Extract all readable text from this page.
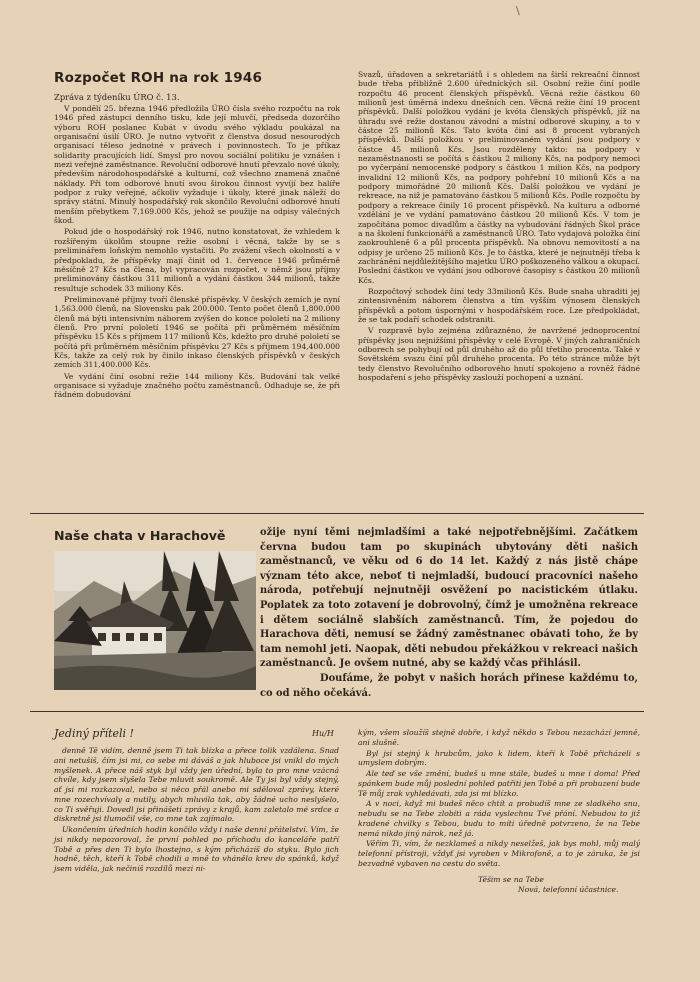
\
Rozpočet ROH na rok 1946

Zpráva z týdeníku ÚRO č. 13.

V pondělí 25. března 1946 předložila ÚRO čísla svého rozpočtu na rok 1946 před zástupci denního tisku, kde její mluvčí, předseda dozorčího výboru ROH poslanec Kubát v úvodu svého výkladu poukázal na organisační úsilí ÚRO. Je nutno vytvořit z členstva dosud nesourodých organisací těleso jednotné v právech i povinnostech. To je příkaz solidarity pracujících lidí. Smysl pro novou sociální politiku je vznášen i mezi veřejné zaměstnance. Revoluční odborové hnutí převzalo nové úkoly, především národohospodářské a kulturní, což všechno znamená značné náklady. Při tom odborové hnutí svou širokou činnost vyvíjí bez halíře podpor z ruky veřejné, ačkoliv vyžaduje i úkoly, které jinak náleží do správy státní. Minulý hospodářský rok skončilo Revoluční odborové hnutí menším přebytkem 7,169.000 Kčs, jehož se použije na odpisy válečných škod.

Pokud jde o hospodářský rok 1946, nutno konstatovat, že vzhledem k rozšířeným úkolům stoupne režie osobní i věcná, takže by se s preliminářem loňským nemohlo vystačiti. Po zvážení všech okolností a v předpokladu, že příspěvky mají činit od 1. července 1946 průměrně měsíčně 27 Kčs na člena, byl vypracován rozpočet, v němž jsou příjmy preliminovány částkou 311 milionů a vydání částkou 344 milionů, takže resultuje schodek 33 miliony Kčs.

Preliminované příjmy tvoří členské příspěvky. V českých zemích je nyní 1,563.000 členů, na Slovensku pak 200.000. Tento počet členů 1,800.000 členů má býti intensivním náborem zvýšen do konce pololetí na 2 miliony členů. Pro první pololetí 1946 se počítá při průměrném měsíčním příspěvku 15 Kčs s příjmem 117 milionů Kčs, kdežto pro druhé pololetí se počítá při průměrném měsíčním příspěvku 27 Kčs s příjmem 194,400.000 Kčs, takže za celý rok by činilo inkaso členských příspěvků v českých zemích 311,400.000 Kčs.

Ve vydání činí osobní režie 144 miliony Kčs. Budování tak velké organisace si vyžaduje značného počtu zaměstnanců. Odhaduje se, že při řádném dobudování

Svazů, úřadoven a sekretariátů i s ohledem na širší rekreační činnost bude třeba přibližně 2.600 úředníckých sil. Osobní režie činí podle rozpočtu 46 procent členských příspěvků. Věcná režie částkou 60 milionů jest úměrná indexu dnešních cen. Věcná režie činí 19 procent příspěvků. Další položkou vydání je kvóta členských příspěvků, jíž na úhradu své režie dostanou závodní a místní odborové skupiny, a to v částce 25 milionů Kčs. Tato kvóta činí asi 8 procent vybraných příspěvků. Další položkou v preliminovaném vydání jsou podpory v částce 45 milionů Kčs. Jsou rozděleny takto: na podpory v nezaměstnanosti se počítá s částkou 2 miliony Kčs, na podpory nemoci po vyčerpání nemocenské podpory s částkou 1 milion Kčs, na podpory invalidní 12 milionů Kčs, na podpory pohřební 10 milionů Kčs a na podpory mimořádné 20 milionů Kčs. Další položkou ve vydání je rekreace, na niž je pamatováno částkou 5 milionů Kčs. Podle rozpočtu by podpory a rekreace činily 16 procent příspěvků. Na kulturu a odborné vzdělání je ve vydání pamatováno částkou 20 milionů Kčs. V tom je započítána pomoc divadlům a částky na vybudování řádných Škol práce a na školení funkcionářů a zaměstnanců ÚRO. Tato vydajová položka činí zaokrouhleně 6 a půl procenta příspěvků. Na obnovu nemovitostí a na odpisy je určeno 25 milionů Kčs. Je to částka, které je nejnutněji třeba k zachránění nejdůležitějšího majetku ÚRO poškozeného válkou a okupací. Poslední částkou ve vydání jsou odborové časopisy s částkou 20 milionů Kčs.

Rozpočtový schodek činí tedy 33milionů Kčs. Bude snaha uhraditi jej zintensivněním náborem členstva a tím vyšším výnosem členských příspěvků a potom úspornými v hospodářském roce. Lze předpokládat, že se tak podaří schodek odstraniti.

V rozpravě bylo zejména zdůrazněno, že navržené jednoprocentní příspěvky jsou nejnižšími příspěvky v celé Evropě. V jiných zahraničních odborech se pohybují od půl druhého až do půl třetího procenta. Také v Sovětském svazu činí půl druhého procenta. Po této stránce může být tedy členstvo Revolučního odborového hnutí spokojeno a rovněž řádné hospodaření s jeho příspěvky zaslouží pochopení a uznání.

Naše chata v Harachově	ožije nyní těmi nejmladšími a také nejpotřebnějšími. Začátkem června budou tam po skupinách ubytovány děti našich zaměstnanců, ve věku od 6 do 14 let. Každý z nás jistě chápe význam této akce, neboť ti nejmladší, budoucí pracovníci našeho národa, potřebují nejnutněji osvěžení po nacistickém útlaku. Poplatek za toto zotavení je dobrovolný, čímž je umožněna rekreace i dětem sociálně slabších zaměstnanců. Tím, že pojedou do Harachova děti, nemusí se žádný zaměstnanec obávati toho, že by tam nemohl jeti. Naopak, děti nebudou překážkou v rekreaci našich zaměstnanců. Je ovšem nutné, aby se každý včas přihlásil.

Doufáme, že pobyt v našich horách přinese každému to, co od něho očekává.

Jediný příteli !	Hu/H

denně Tě vidím, denně jsem Ti tak blízka a přece tolik vzdálena. Snad ani netušíš, čím jsi mi, co sebe mi dáváš a jak hluboce jsi vnikl do mých myšlenek. A přece náš styk byl vždy jen úřední, byla to pro mne vzácná chvíle, kdy jsem slyšela Tebe mluvit soukromě. Ale Ty jsi byl vždy stejný, ať jsi mi rozkazoval, nebo si něco přál anebo mi sděloval zprávy, které mne rozechvívaly a nutily, abych mluvila tak, aby žádné ucho neslyšelo, co Ti svěřuji. Dovedl jsi přinášeti zprávy z krajů, kam zaletalo mé srdce a diskretně jsi tlumočil vše, co mne tak zajímalo.

Ukončením úředních hodin končilo vždy i naše denní přátelství. Vím, že jsi nikdy nepozoroval, že první pohled po příchodu do kanceláře patří Tobě a přes den Ti bylo lhostejno, s kým přicházíš do styku. Bylo jich hodně, těch, kteří k Tobě chodili a mně to vhánělo krev do spánků, když jsem viděla, jak nečiníš rozdílů mezi ni-

kým, všem sloužíš stejně dobře, i když někdo s Tebou nezachází jemně, ani slušně.

Byl jsi stejný k hrubcům, jako k lidem, kteří k Tobě přicházeli s umyslem dobrým.

Ale teď se vše změní, budeš u mne stále, budeš u mne i doma! Před spánkem bude můj poslední pohled patřiti jen Tobě a při probuzení bude Tě můj zrak vyhledávati, zda jsi mi blízko.

A v noci, když mi budeš něco chtít a probudíš mne ze sladkého snu, nebudu se na Tebe zlobiti a ráda vyslechnu Tvé přání. Nebudou to již kradené chvilky s Tebou, budu to míti úředně potvrzeno, že na Tebe nemá nikdo jiný nárok, než já.

Věřím Ti, vím, že nezklameš a nikdy neselžeš, jak bys mohl, můj malý telefonní přístroji, vždyť jsi vyroben v Mikrofoně, a to je záruka, že jsi bezvadně vybaven na cestu do světa.

Těšim se na Tebe

Nová, telefonní účastnice.
